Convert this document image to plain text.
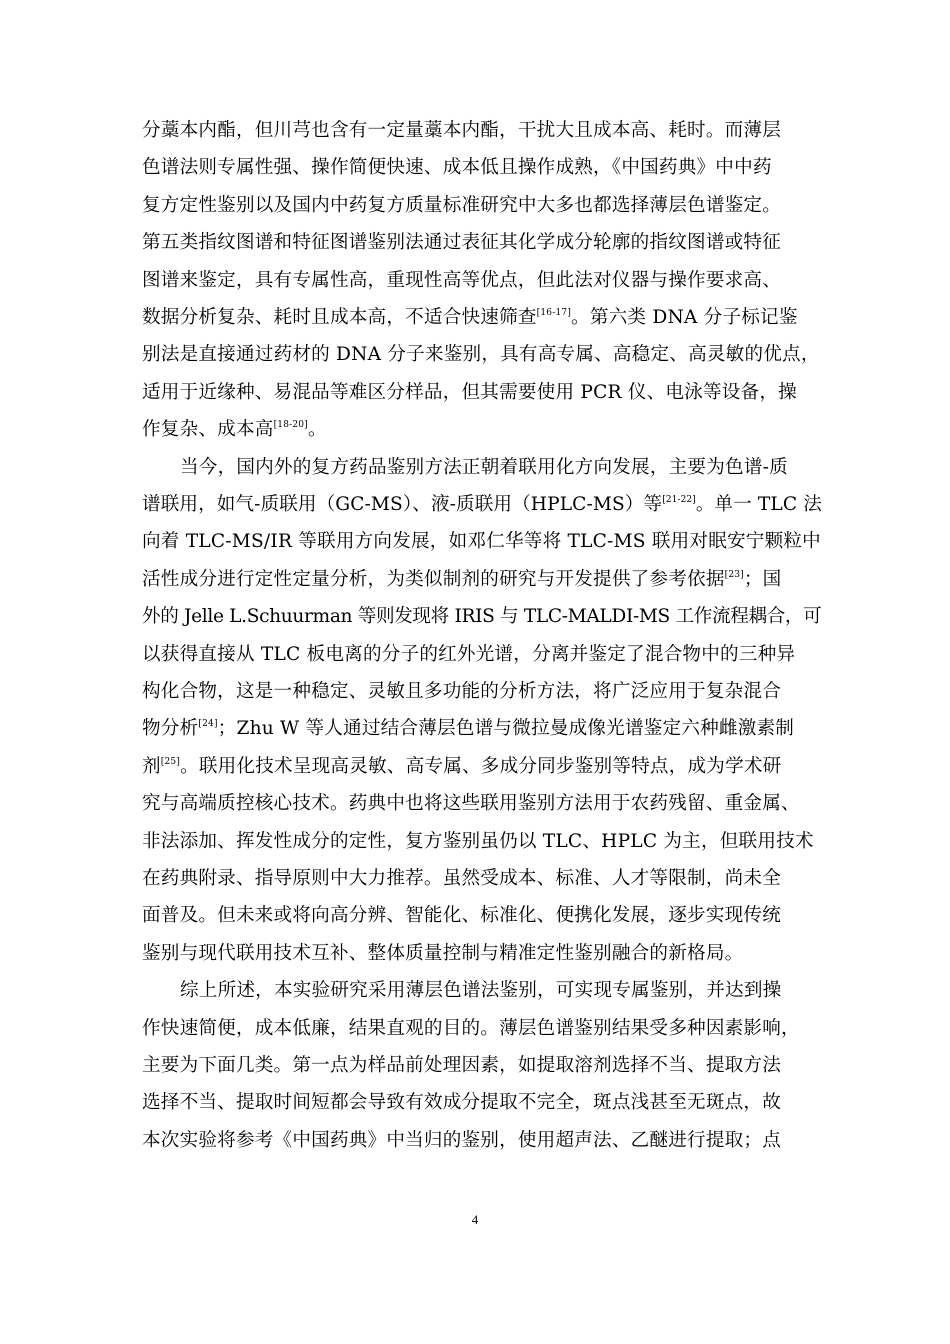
分藁本内酯，但川芎也含有一定量藁本内酯，干扰大且成本高、耗时。而薄层
色谱法则专属性强、操作简便快速、成本低且操作成熟，《中国药典》中中药
复方定性鉴别以及国内中药复方质量标准研究中大多也都选择薄层色谱鉴定。
第五类指纹图谱和特征图谱鉴别法通过表征其化学成分轮廓的指纹图谱或特征
图谱来鉴定，具有专属性高，重现性高等优点，但此法对仪器与操作要求高、
数据分析复杂、耗时且成本高，不适合快速筛查[16-17]。第六类 DNA 分子标记鉴
别法是直接通过药材的 DNA 分子来鉴别，具有高专属、高稳定、高灵敏的优点，
适用于近缘种、易混品等难区分样品，但其需要使用 PCR 仪、电泳等设备，操
作复杂、成本高[18-20]。
当今，国内外的复方药品鉴别方法正朝着联用化方向发展，主要为色谱-质
谱联用，如气-质联用（GC-MS）、液-质联用（HPLC-MS）等[21-22]。单一 TLC 法
向着 TLC-MS/IR 等联用方向发展，如邓仁华等将 TLC-MS 联用对眠安宁颗粒中
活性成分进行定性定量分析，为类似制剂的研究与开发提供了参考依据[23]；国
外的 Jelle L.Schuurman 等则发现将 IRIS 与 TLC-MALDI-MS 工作流程耦合，可
以获得直接从 TLC 板电离的分子的红外光谱，分离并鉴定了混合物中的三种异
构化合物，这是一种稳定、灵敏且多功能的分析方法，将广泛应用于复杂混合
物分析[24]；Zhu W 等人通过结合薄层色谱与微拉曼成像光谱鉴定六种雌激素制
剂[25]。联用化技术呈现高灵敏、高专属、多成分同步鉴别等特点，成为学术研
究与高端质控核心技术。药典中也将这些联用鉴别方法用于农药残留、重金属、
非法添加、挥发性成分的定性，复方鉴别虽仍以 TLC、HPLC 为主，但联用技术
在药典附录、指导原则中大力推荐。虽然受成本、标准、人才等限制，尚未全
面普及。但未来或将向高分辨、智能化、标准化、便携化发展，逐步实现传统
鉴别与现代联用技术互补、整体质量控制与精准定性鉴别融合的新格局。
综上所述，本实验研究采用薄层色谱法鉴别，可实现专属鉴别，并达到操
作快速简便，成本低廉，结果直观的目的。薄层色谱鉴别结果受多种因素影响，
主要为下面几类。第一点为样品前处理因素，如提取溶剂选择不当、提取方法
选择不当、提取时间短都会导致有效成分提取不完全，斑点浅甚至无斑点，故
本次实验将参考《中国药典》中当归的鉴别，使用超声法、乙醚进行提取；点
4
